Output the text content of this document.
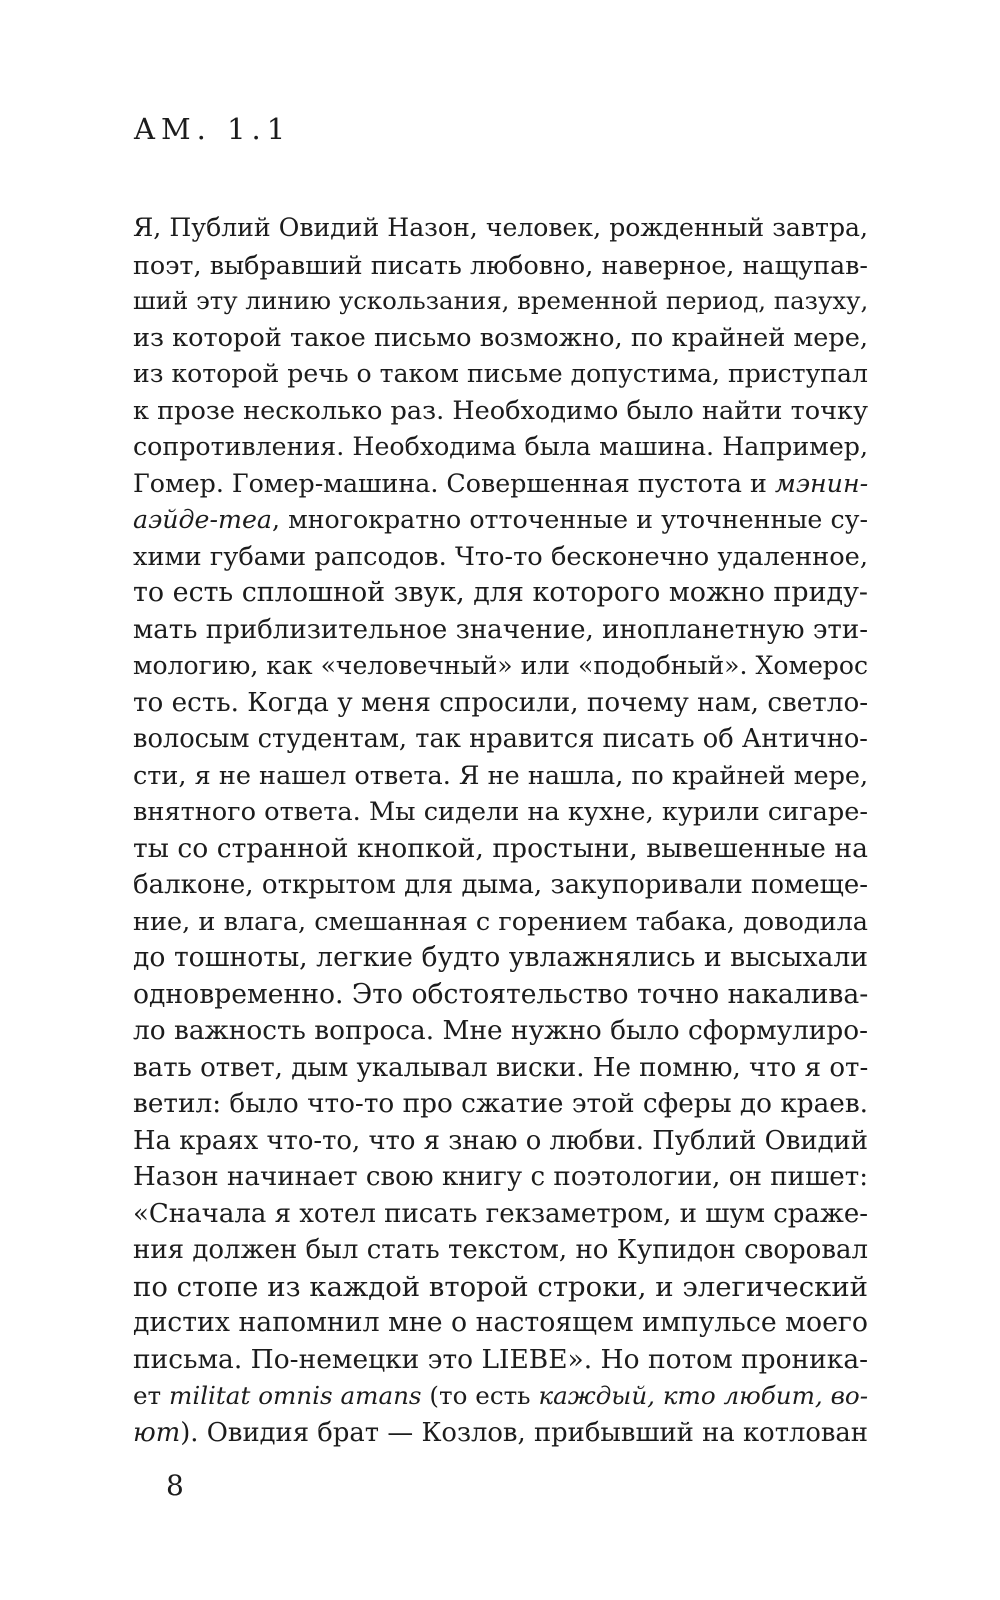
AM. 1.1
Я, Публий Овидий Назон, человек, рожденный завтра,
поэт, выбравший писать любовно, наверное, нащупав-
ший эту линию ускользания, временной период, пазуху,
из которой такое письмо возможно, по крайней мере,
из которой речь о таком письме допустима, приступал
к прозе несколько раз. Необходимо было найти точку
сопротивления. Необходима была машина. Например,
Гомер. Гомер-машина. Совершенная пустота и мэнин-
аэйде-теа, многократно отточенные и уточненные су-
хими губами рапсодов. Что-то бесконечно удаленное,
то есть сплошной звук, для которого можно приду-
мать приблизительное значение, инопланетную эти-
мологию, как «человечный» или «подобный». Хомерос
то есть. Когда у меня спросили, почему нам, светло-
волосым студентам, так нравится писать об Антично-
сти, я не нашел ответа. Я не нашла, по крайней мере,
внятного ответа. Мы сидели на кухне, курили сигаре-
ты со странной кнопкой, простыни, вывешенные на
балконе, открытом для дыма, закупоривали помеще-
ние, и влага, смешанная с горением табака, доводила
до тошноты, легкие будто увлажнялись и высыхали
одновременно. Это обстоятельство точно накалива-
ло важность вопроса. Мне нужно было сформулиро-
вать ответ, дым укалывал виски. Не помню, что я от-
ветил: было что-то про сжатие этой сферы до краев.
На краях что-то, что я знаю о любви. Публий Овидий
Назон начинает свою книгу с поэтологии, он пишет:
«Сначала я хотел писать гекзаметром, и шум сраже-
ния должен был стать текстом, но Купидон своровал
по стопе из каждой второй строки, и элегический
дистих напомнил мне о настоящем импульсе моего
письма. По-немецки это LIEBE». Но потом проника-
ет militat omnis amans (то есть каждый, кто любит, во-
ют). Овидия брат — Козлов, прибывший на котлован
8
